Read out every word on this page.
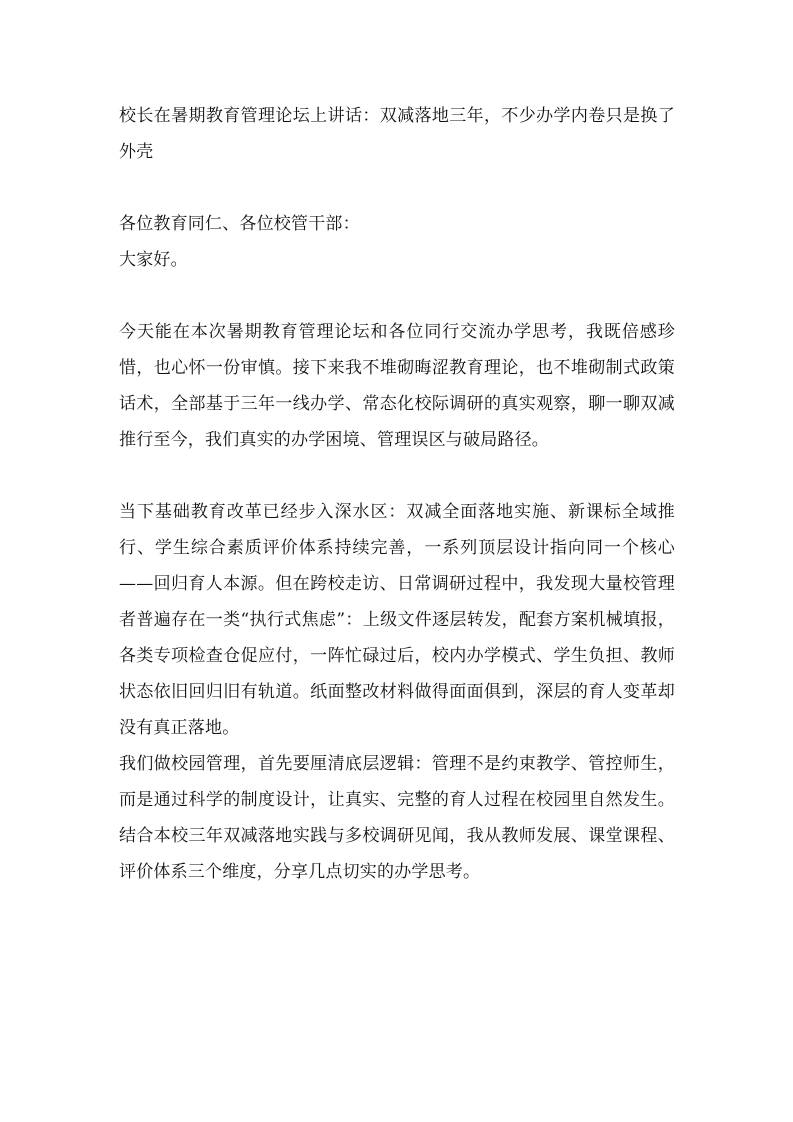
校长在暑期教育管理论坛上讲话：双减落地三年，不少办学内卷只是换了外壳

各位教育同仁、各位校管干部：

大家好。

今天能在本次暑期教育管理论坛和各位同行交流办学思考，我既倍感珍惜，也心怀一份审慎。接下来我不堆砌晦涩教育理论，也不堆砌制式政策话术，全部基于三年一线办学、常态化校际调研的真实观察，聊一聊双减推行至今，我们真实的办学困境、管理误区与破局路径。

当下基础教育改革已经步入深水区：双减全面落地实施、新课标全域推行、学生综合素质评价体系持续完善，一系列顶层设计指向同一个核心——回归育人本源。但在跨校走访、日常调研过程中，我发现大量校管理者普遍存在一类“执行式焦虑”：上级文件逐层转发，配套方案机械填报，各类专项检查仓促应付，一阵忙碌过后，校内办学模式、学生负担、教师状态依旧回归旧有轨道。纸面整改材料做得面面俱到，深层的育人变革却没有真正落地。

我们做校园管理，首先要厘清底层逻辑：管理不是约束教学、管控师生，而是通过科学的制度设计，让真实、完整的育人过程在校园里自然发生。结合本校三年双减落地实践与多校调研见闻，我从教师发展、课堂课程、评价体系三个维度，分享几点切实的办学思考。
